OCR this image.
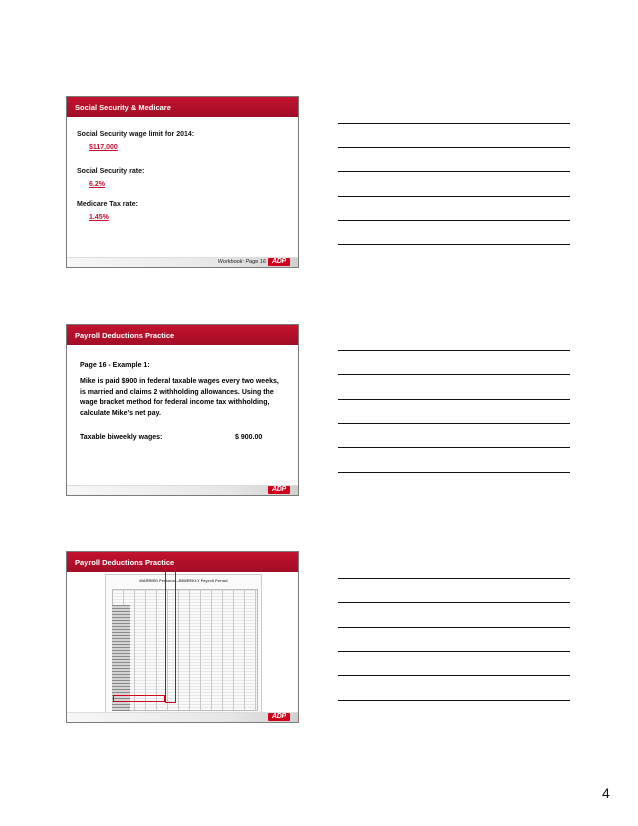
Social Security & Medicare
Social Security wage limit for 2014:
$117,000
Social Security rate:
6.2%
Medicare Tax rate:
1.45%
Workbook: Page 16 ADP
Payroll Deductions Practice
Page 16 - Example 1:
Mike is paid $900 in federal taxable wages every two weeks, is married and claims 2 withholding allowances. Using the wage bracket method for federal income tax withholding, calculate Mike's net pay.
Taxable biweekly wages:	$ 900.00
ADP
Payroll Deductions Practice
MARRIED Persons—BIWEEKLY Payroll Period
ADP
4
